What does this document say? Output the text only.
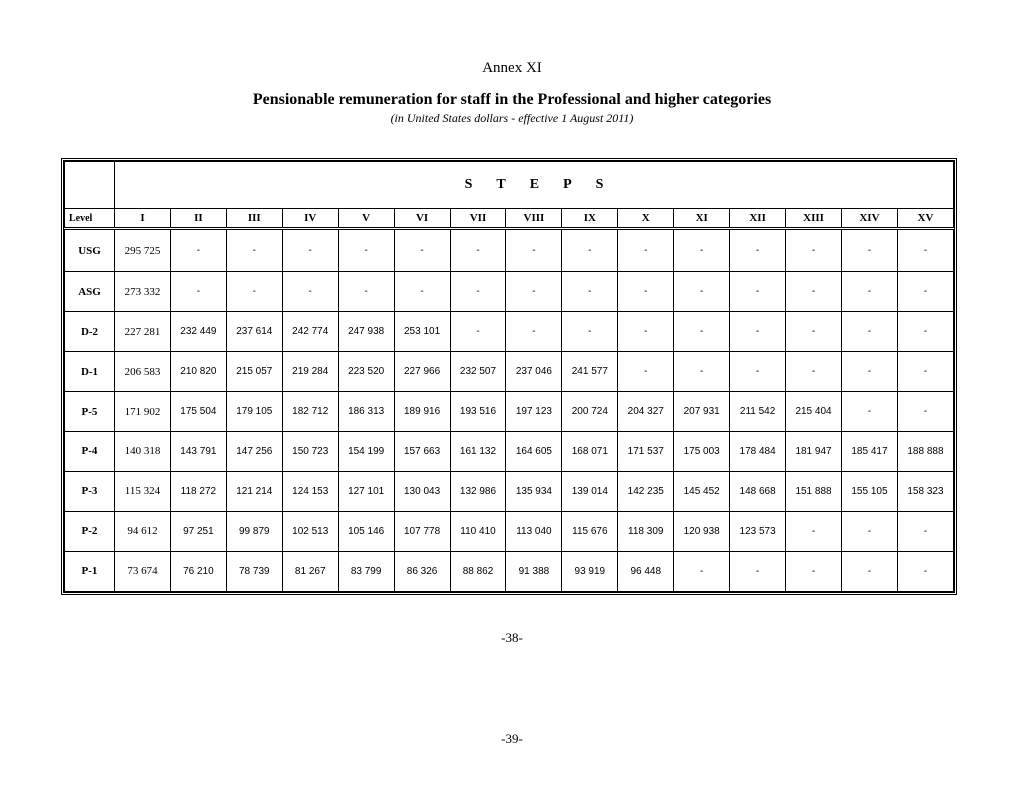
Annex XI
Pensionable remuneration for staff in the Professional and higher categories
(in United States dollars - effective 1 August 2011)
	S T E P S														
Level	I	II	III	IV	V	VI	VII	VIII	IX	X	XI	XII	XIII	XIV	XV
USG	295 725	-	-	-	-	-	-	-	-	-	-	-	-	-	-
ASG	273 332	-	-	-	-	-	-	-	-	-	-	-	-	-	-
D-2	227 281	232 449	237 614	242 774	247 938	253 101	-	-	-	-	-	-	-	-	-
D-1	206 583	210 820	215 057	219 284	223 520	227 966	232 507	237 046	241 577	-	-	-	-	-	-
P-5	171 902	175 504	179 105	182 712	186 313	189 916	193 516	197 123	200 724	204 327	207 931	211 542	215 404	-	-
P-4	140 318	143 791	147 256	150 723	154 199	157 663	161 132	164 605	168 071	171 537	175 003	178 484	181 947	185 417	188 888
P-3	115 324	118 272	121 214	124 153	127 101	130 043	132 986	135 934	139 014	142 235	145 452	148 668	151 888	155 105	158 323
P-2	94 612	97 251	99 879	102 513	105 146	107 778	110 410	113 040	115 676	118 309	120 938	123 573	-	-	-
P-1	73 674	76 210	78 739	81 267	83 799	86 326	88 862	91 388	93 919	96 448	-	-	-	-	-
-38-
-39-
